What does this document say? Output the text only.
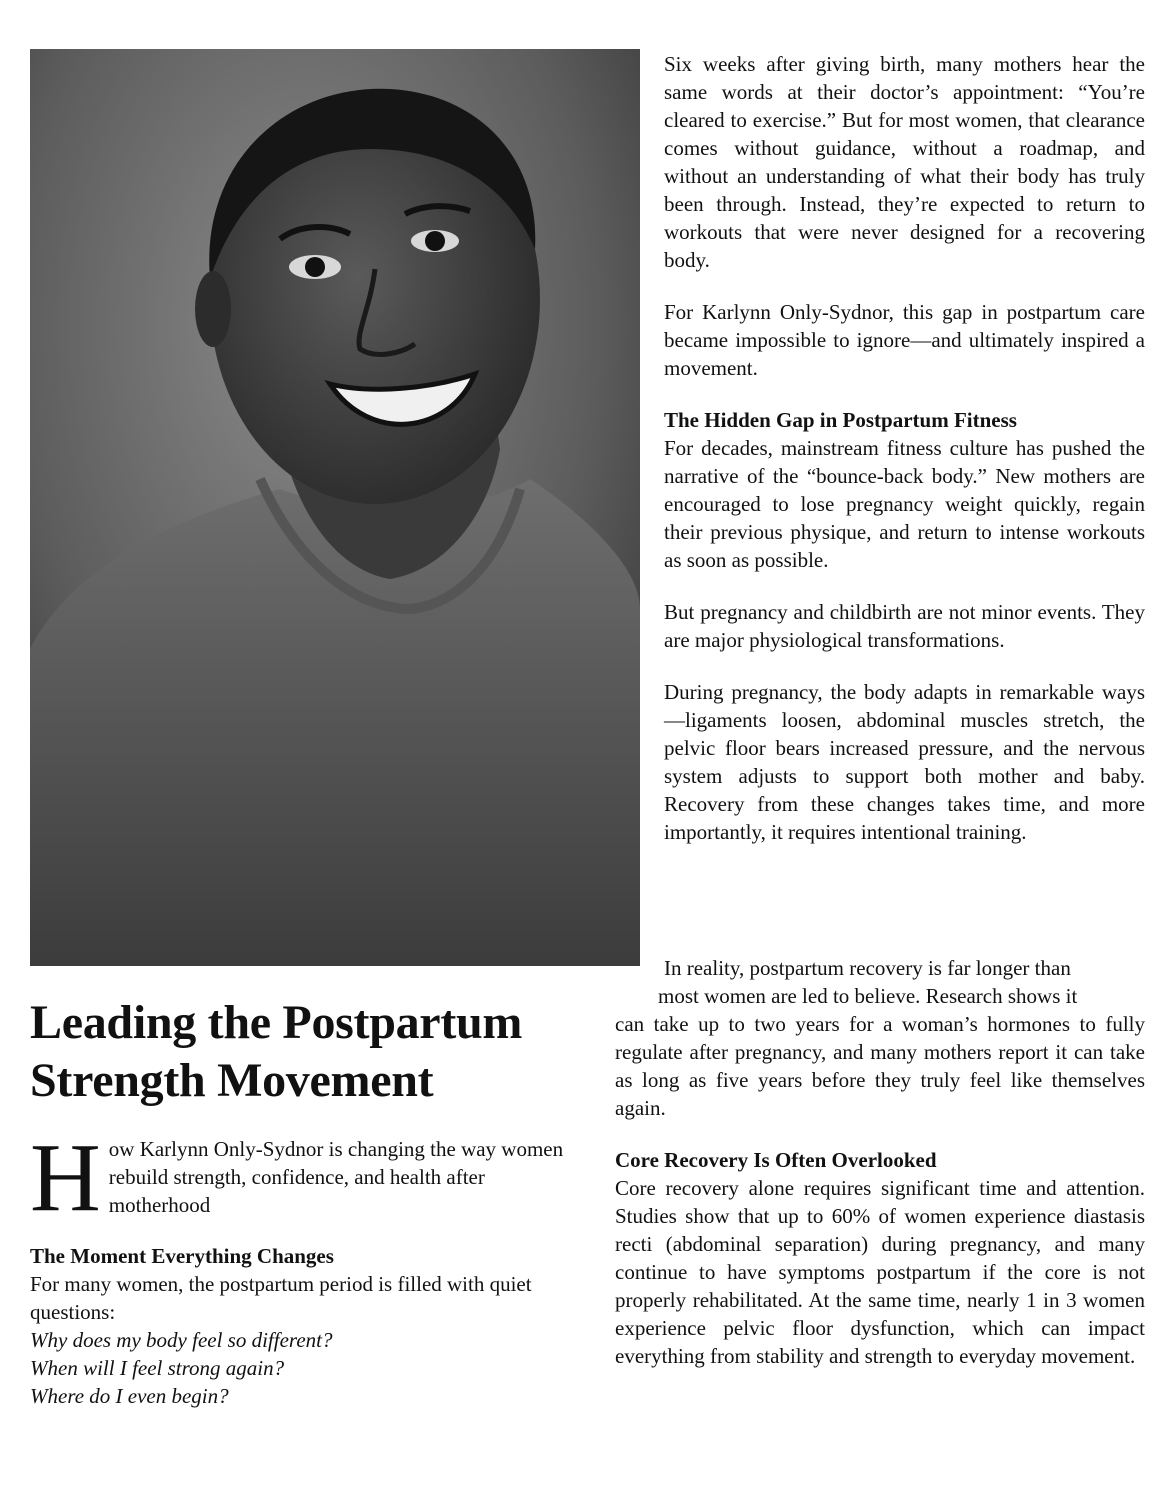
Six weeks after giving birth, many mothers hear the same words at their doctor’s appointment: “You’re cleared to exercise.” But for most women, that clearance comes without guidance, without a roadmap, and without an understanding of what their body has truly been through. Instead, they’re expected to return to workouts that were never designed for a recovering body.

For Karlynn Only-Sydnor, this gap in postpartum care became impossible to ignore—and ultimately inspired a movement.

The Hidden Gap in Postpartum Fitness

For decades, mainstream fitness culture has pushed the narrative of the “bounce-back body.” New mothers are encouraged to lose pregnancy weight quickly, regain their previous physique, and return to intense workouts as soon as possible.

But pregnancy and childbirth are not minor events. They are major physiological transformations.

During pregnancy, the body adapts in remarkable ways—ligaments loosen, abdominal muscles stretch, the pelvic floor bears increased pressure, and the nervous system adjusts to support both mother and baby. Recovery from these changes takes time, and more importantly, it requires intentional training.

In reality, postpartum recovery is far longer than
most women are led to believe. Research shows it
can take up to two years for a woman’s hormones to fully regulate after pregnancy, and many mothers report it can take as long as five years before they truly feel like themselves again.

Core Recovery Is Often Overlooked

Core recovery alone requires significant time and attention. Studies show that up to 60% of women experience diastasis recti (abdominal separation) during pregnancy, and many continue to have symptoms postpartum if the core is not properly rehabilitated. At the same time, nearly 1 in 3 women experience pelvic floor dysfunction, which can impact everything from stability and strength to everyday movement.

Leading the Postpartum Strength Movement

How Karlynn Only-Sydnor is changing the way women rebuild strength, confidence, and health after motherhood

The Moment Everything Changes

For many women, the postpartum period is filled with quiet questions:

Why does my body feel so different?
When will I feel strong again?
Where do I even begin?
